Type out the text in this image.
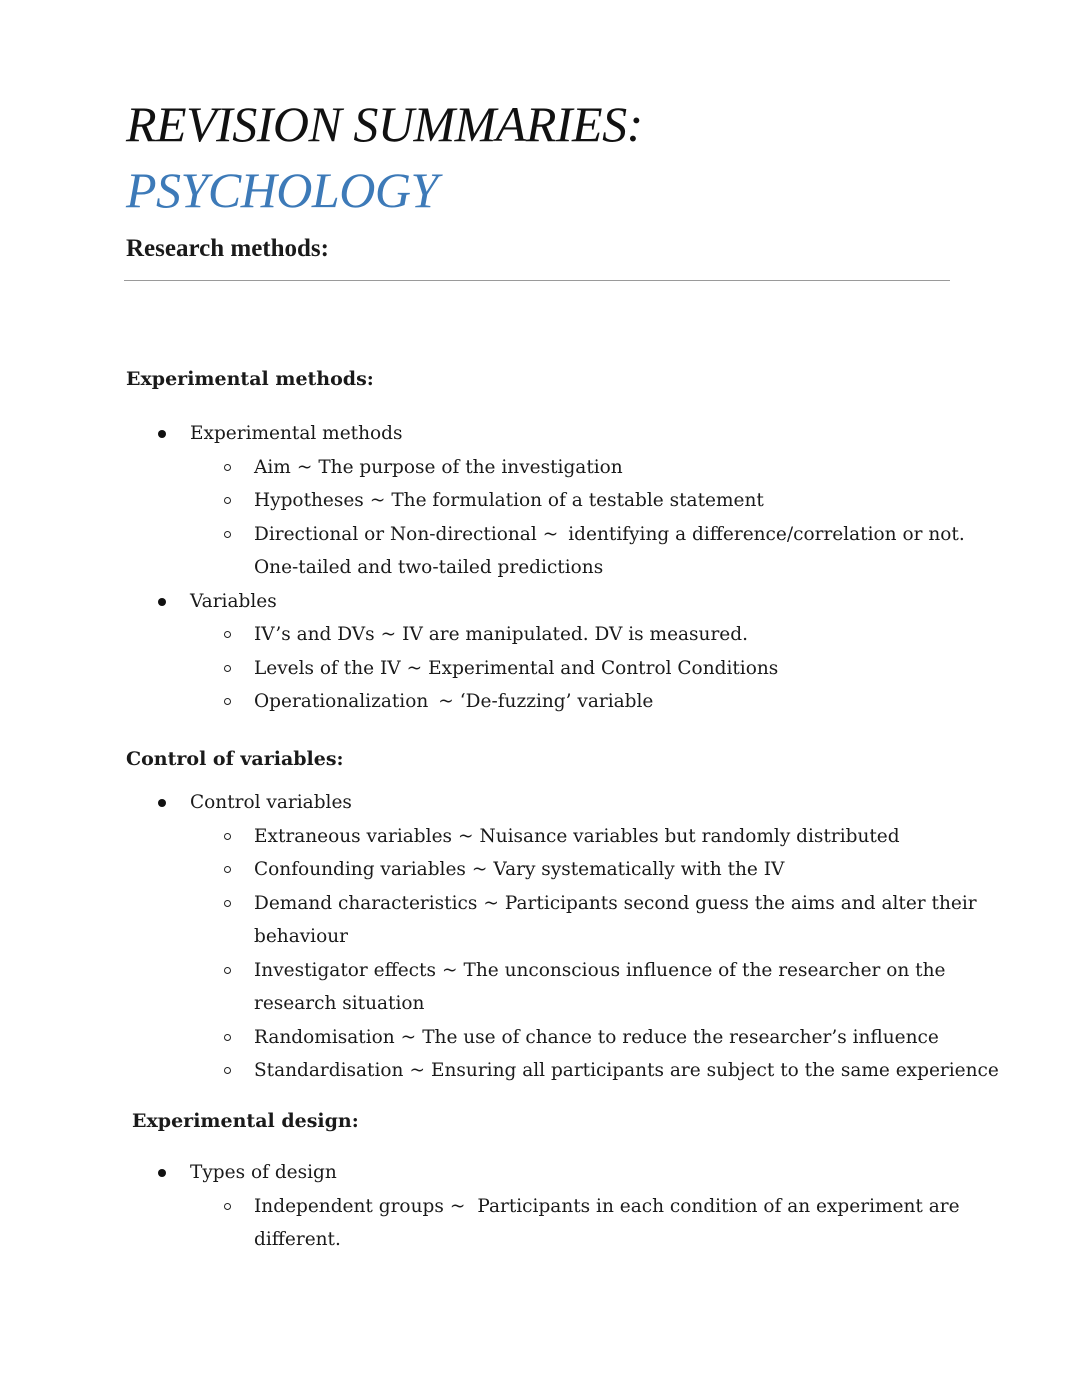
REVISION SUMMARIES:
PSYCHOLOGY
Research methods:
Experimental methods:
Experimental methods
Aim ~ The purpose of the investigation
Hypotheses ~ The formulation of a testable statement
Directional or Non-directional ~ identifying a difference/correlation or not.
One-tailed and two-tailed predictions
Variables
IV’s and DVs ~ IV are manipulated. DV is measured.
Levels of the IV ~ Experimental and Control Conditions
Operationalization ~ ‘De-fuzzing’ variable
Control of variables:
Control variables
Extraneous variables ~ Nuisance variables but randomly distributed
Confounding variables ~ Vary systematically with the IV
Demand characteristics ~ Participants second guess the aims and alter their
behaviour
Investigator effects ~ The unconscious influence of the researcher on the
research situation
Randomisation ~ The use of chance to reduce the researcher’s influence
Standardisation ~ Ensuring all participants are subject to the same experience
Experimental design:
Types of design
Independent groups ~ Participants in each condition of an experiment are
different.
